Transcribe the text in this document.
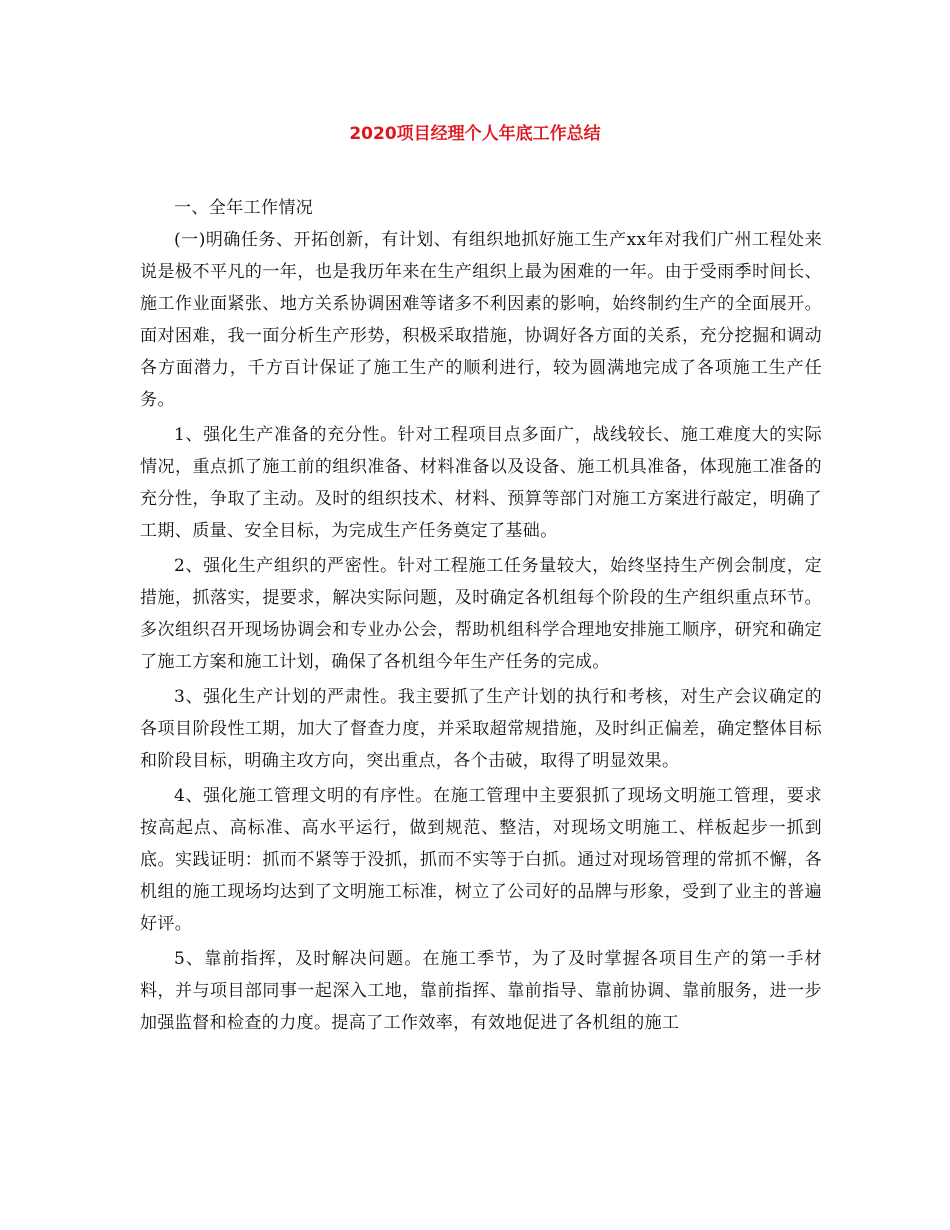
2020项目经理个人年底工作总结

一、全年工作情况

(一)明确任务、开拓创新，有计划、有组织地抓好施工生产xx年对我们广州工程处来说是极不平凡的一年，也是我历年来在生产组织上最为困难的一年。由于受雨季时间长、施工作业面紧张、地方关系协调困难等诸多不利因素的影响，始终制约生产的全面展开。面对困难，我一面分析生产形势，积极采取措施，协调好各方面的关系，充分挖掘和调动各方面潜力，千方百计保证了施工生产的顺利进行，较为圆满地完成了各项施工生产任务。

1、强化生产准备的充分性。针对工程项目点多面广，战线较长、施工难度大的实际情况，重点抓了施工前的组织准备、材料准备以及设备、施工机具准备，体现施工准备的充分性，争取了主动。及时的组织技术、材料、预算等部门对施工方案进行敲定，明确了工期、质量、安全目标，为完成生产任务奠定了基础。

2、强化生产组织的严密性。针对工程施工任务量较大，始终坚持生产例会制度，定措施，抓落实，提要求，解决实际问题，及时确定各机组每个阶段的生产组织重点环节。多次组织召开现场协调会和专业办公会，帮助机组科学合理地安排施工顺序，研究和确定了施工方案和施工计划，确保了各机组今年生产任务的完成。

3、强化生产计划的严肃性。我主要抓了生产计划的执行和考核，对生产会议确定的各项目阶段性工期，加大了督查力度，并采取超常规措施，及时纠正偏差，确定整体目标和阶段目标，明确主攻方向，突出重点，各个击破，取得了明显效果。

4、强化施工管理文明的有序性。在施工管理中主要狠抓了现场文明施工管理，要求按高起点、高标准、高水平运行，做到规范、整洁，对现场文明施工、样板起步一抓到底。实践证明：抓而不紧等于没抓，抓而不实等于白抓。通过对现场管理的常抓不懈，各机组的施工现场均达到了文明施工标准，树立了公司好的品牌与形象，受到了业主的普遍好评。

5、靠前指挥，及时解决问题。在施工季节，为了及时掌握各项目生产的第一手材料，并与项目部同事一起深入工地，靠前指挥、靠前指导、靠前协调、靠前服务，进一步加强监督和检查的力度。提高了工作效率，有效地促进了各机组的施工
